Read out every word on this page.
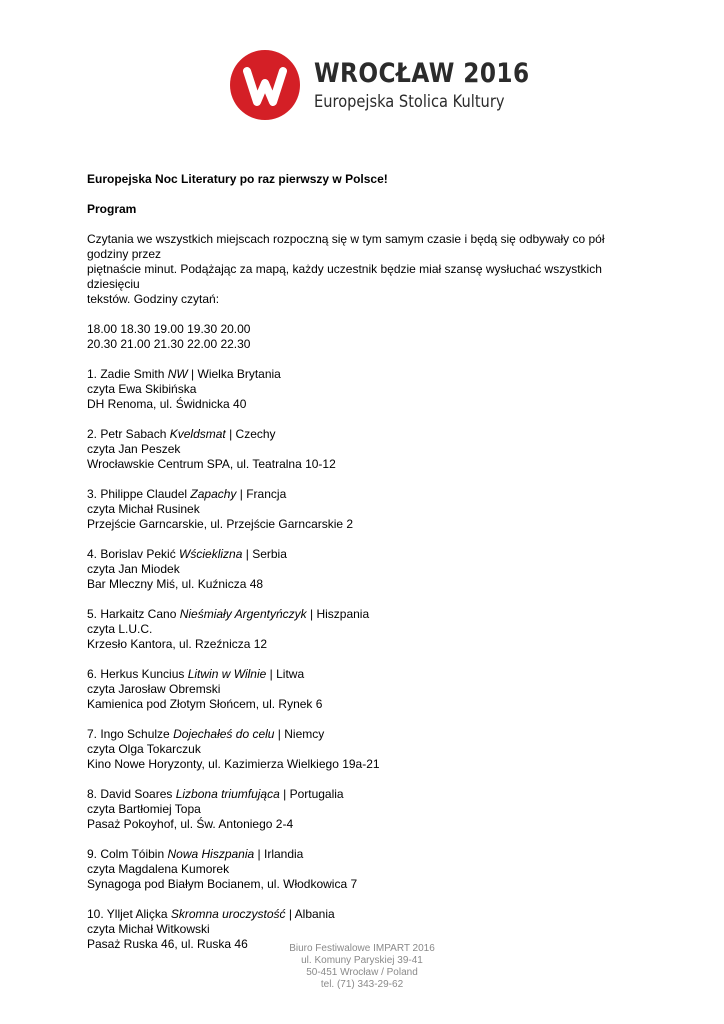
WROCŁAW 2016
Europejska Stolica Kultury

Europejska Noc Literatury po raz pierwszy w Polsce!

Program

Czytania we wszystkich miejscach rozpoczną się w tym samym czasie i będą się odbywały co pół godziny przez
piętnaście minut. Podążając za mapą, każdy uczestnik będzie miał szansę wysłuchać wszystkich dziesięciu
tekstów. Godziny czytań:

18.00 18.30 19.00 19.30 20.00
20.30 21.00 21.30 22.00 22.30

1. Zadie Smith NW | Wielka Brytania
czyta Ewa Skibińska
DH Renoma, ul. Świdnicka 40
2. Petr Sabach Kveldsmat | Czechy
czyta Jan Peszek
Wrocławskie Centrum SPA, ul. Teatralna 10-12
3. Philippe Claudel Zapachy | Francja
czyta Michał Rusinek
Przejście Garncarskie, ul. Przejście Garncarskie 2
4. Borislav Pekić Wścieklizna | Serbia
czyta Jan Miodek
Bar Mleczny Miś, ul. Kuźnicza 48
5. Harkaitz Cano Nieśmiały Argentyńczyk | Hiszpania
czyta L.U.C.
Krzesło Kantora, ul. Rzeźnicza 12
6. Herkus Kuncius Litwin w Wilnie | Litwa
czyta Jarosław Obremski
Kamienica pod Złotym Słońcem, ul. Rynek 6
7. Ingo Schulze Dojechałeś do celu | Niemcy
czyta Olga Tokarczuk
Kino Nowe Horyzonty, ul. Kazimierza Wielkiego 19a-21
8. David Soares Lizbona triumfująca | Portugalia
czyta Bartłomiej Topa
Pasaż Pokoyhof, ul. Św. Antoniego 2-4
9. Colm Tóibin Nowa Hiszpania | Irlandia
czyta Magdalena Kumorek
Synagoga pod Białym Bocianem, ul. Włodkowica 7
10. Ylljet Aliçka Skromna uroczystość | Albania
czyta Michał Witkowski
Pasaż Ruska 46, ul. Ruska 46	Biuro Festiwalowe IMPART 2016
ul. Komuny Paryskiej 39-41
50-451 Wrocław / Poland
tel. (71) 343-29-62
